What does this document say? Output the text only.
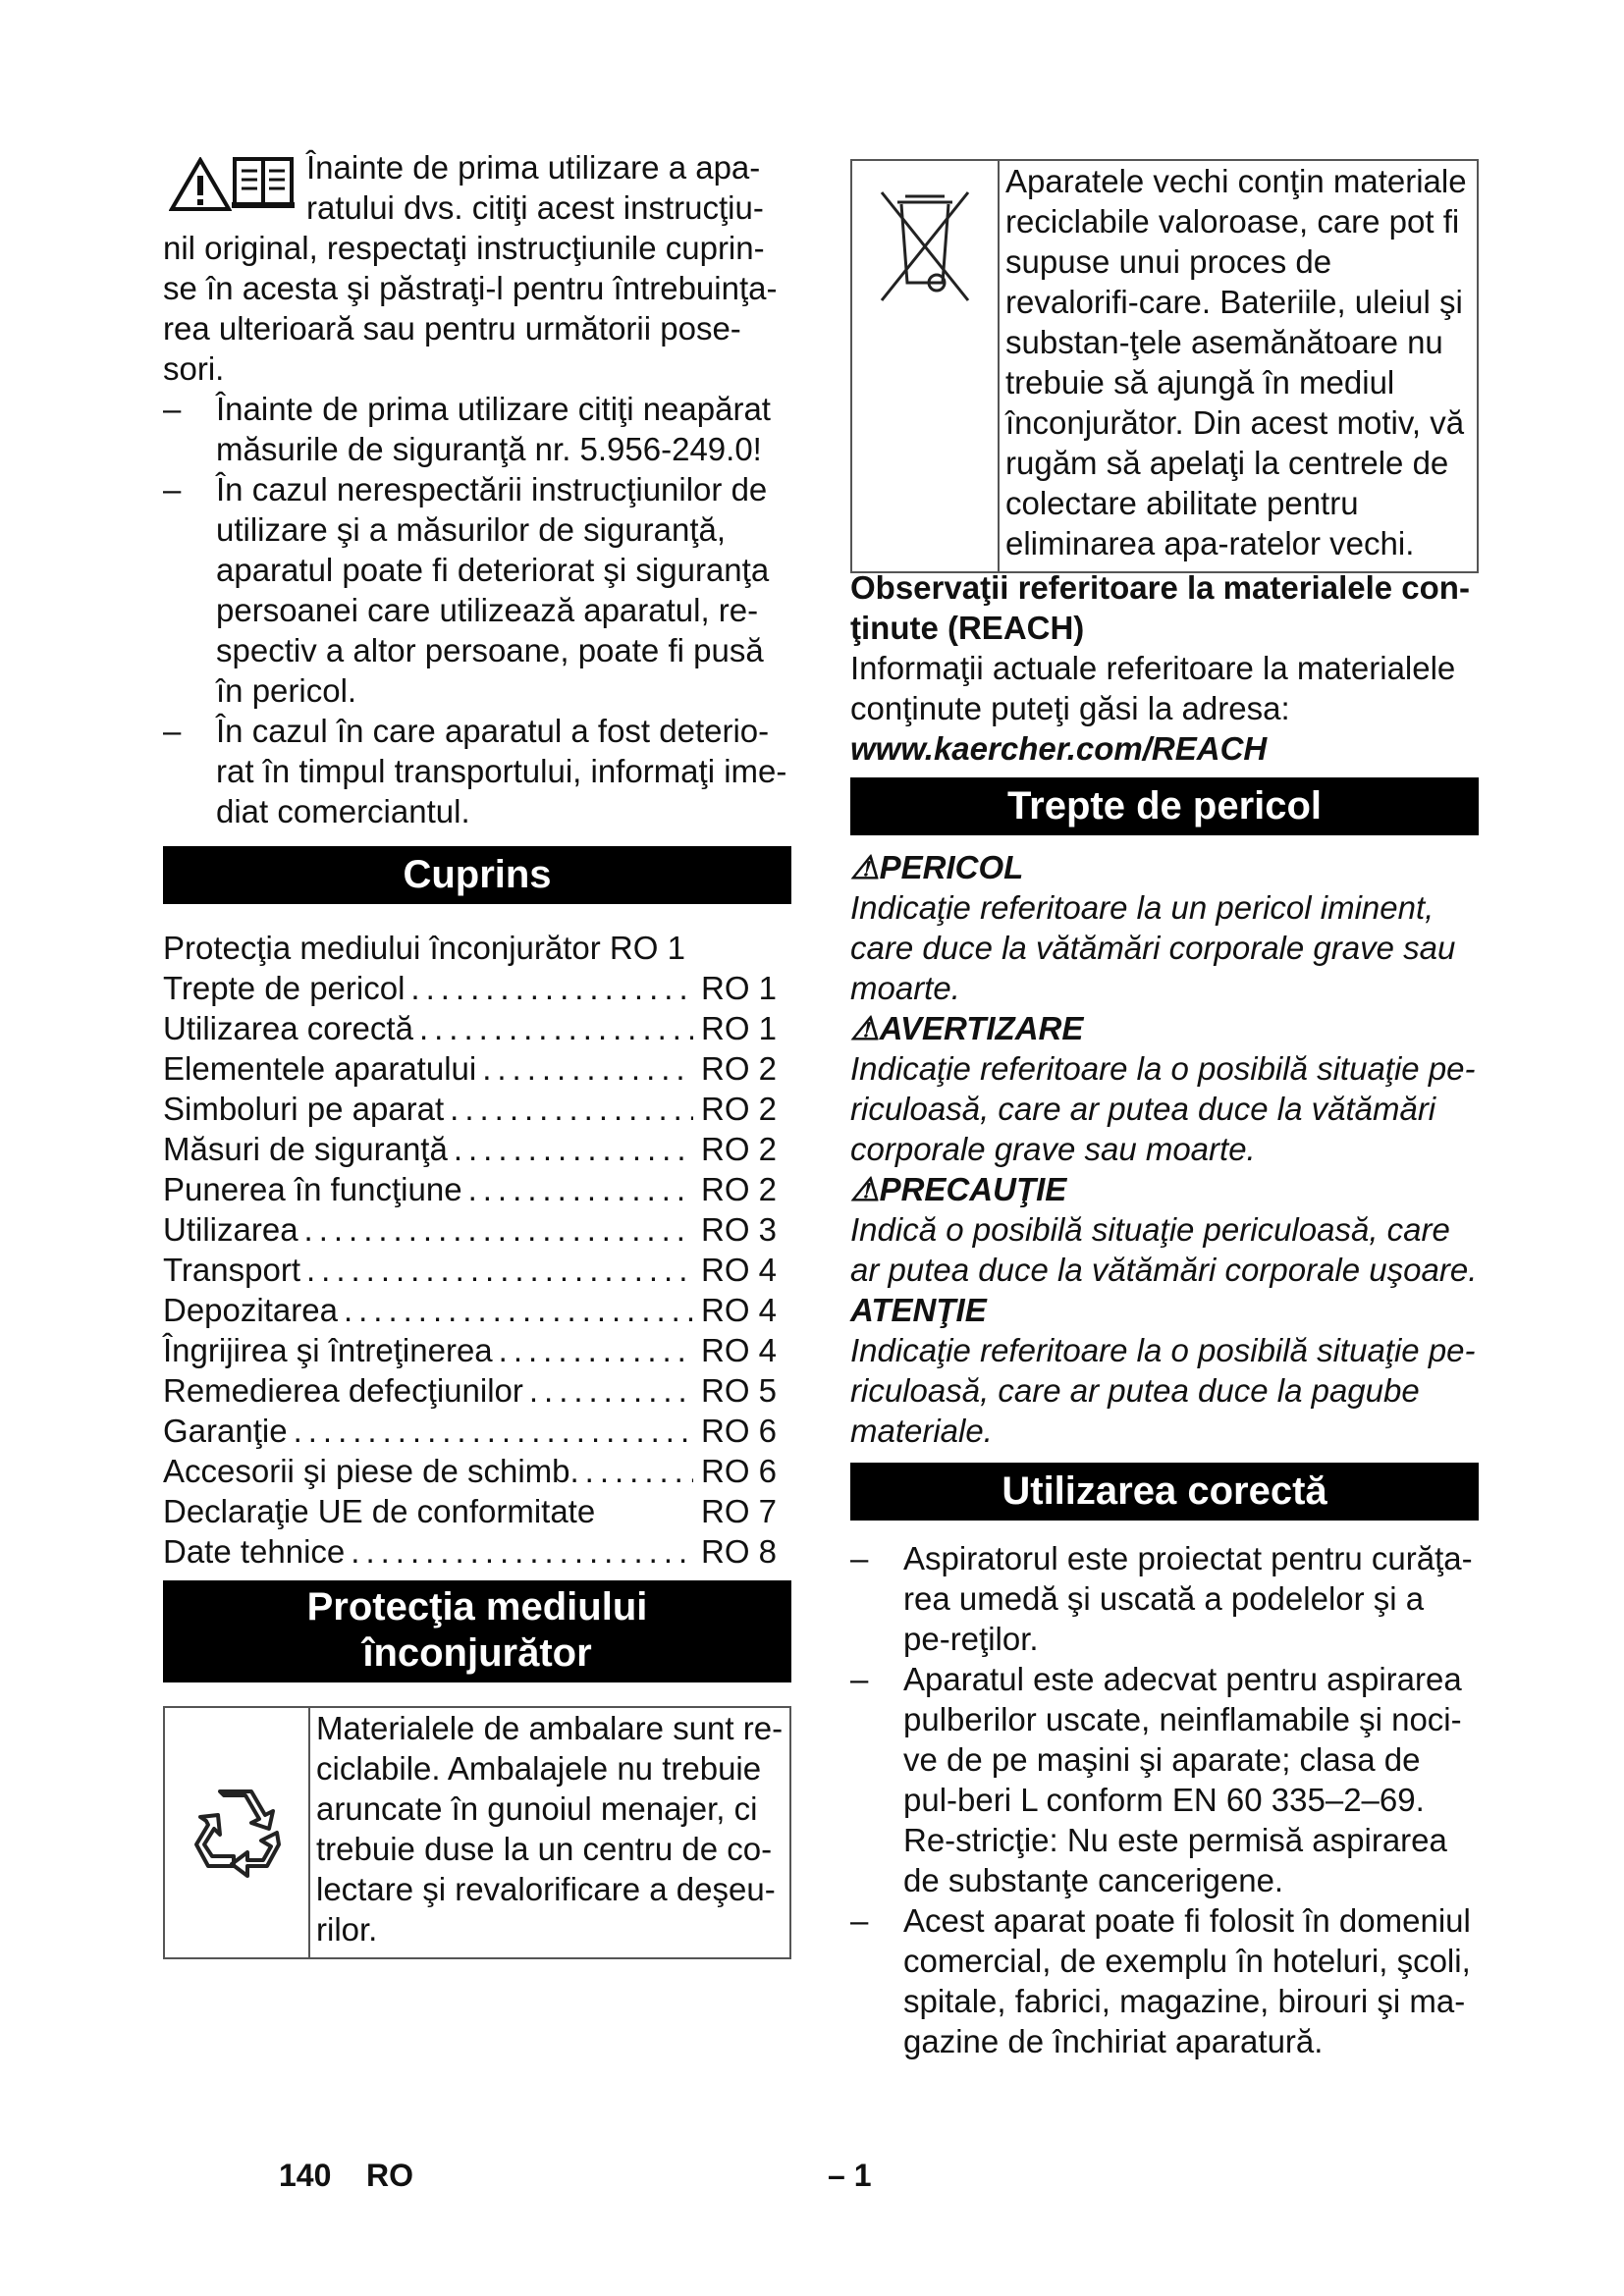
Înainte de prima utilizare a apa-

ratului dvs. citiţi acest instrucţiu-

nil original, respectaţi instrucţiunile cuprin-se în acesta şi păstraţi-l pentru întrebuinţa-rea ulterioară sau pentru următorii pose-sori.

– Înainte de prima utilizare citiţi neapărat măsurile de siguranţă nr. 5.956-249.0!
– În cazul nerespectării instrucţiunilor de utilizare şi a măsurilor de siguranţă, aparatul poate fi deteriorat şi siguranţa persoanei care utilizează aparatul, re-spectiv a altor persoane, poate fi pusă în pericol.
– În cazul în care aparatul a fost deterio-rat în timpul transportului, informaţi ime-diat comerciantul.
Cuprins
Protecţia mediului înconjurător RO 1
Trepte de pericol .....	RO 1
Utilizarea corectă .....	RO 1
Elementele aparatului .....	RO 2
Simboluri pe aparat .....	RO 2
Măsuri de siguranţă .....	RO 2
Punerea în funcţiune .....	RO 2
Utilizarea .....	RO 3
Transport .....	RO 4
Depozitarea .....	RO 4
Îngrijirea şi întreţinerea .....	RO 4
Remedierea defecţiunilor .....	RO 5
Garanţie .....	RO 6
Accesorii şi piese de schimb. .....	RO 6
Declaraţie UE de conformitate	RO 7
Date tehnice .....	RO 8
Protecţia mediului
înconjurător

Materialele de ambalare sunt re-ciclabile. Ambalajele nu trebuie aruncate în gunoiul menajer, ci trebuie duse la un centru de co-lectare şi revalorificare a deşeu-rilor.

140 RO

Aparatele vechi conţin materiale reciclabile valoroase, care pot fi supuse unui proces de revalorifi-care. Bateriile, uleiul şi substan-ţele asemănătoare nu trebuie să ajungă în mediul înconjurător. Din acest motiv, vă rugăm să apelaţi la centrele de colectare abilitate pentru eliminarea apa-ratelor vechi.

Observaţii referitoare la materialele con-ţinute (REACH)

Informaţii actuale referitoare la materialele conţinute puteţi găsi la adresa:

www.kaercher.com/REACH

Trepte de pericol

⚠PERICOL

Indicaţie referitoare la un pericol iminent, care duce la vătămări corporale grave sau moarte.

⚠AVERTIZARE

Indicaţie referitoare la o posibilă situaţie pe-riculoasă, care ar putea duce la vătămări corporale grave sau moarte.

⚠PRECAUŢIE

Indică o posibilă situaţie periculoasă, care ar putea duce la vătămări corporale uşoare.

ATENŢIE

Indicaţie referitoare la o posibilă situaţie pe-riculoasă, care ar putea duce la pagube materiale.

Utilizarea corectă
– Aspiratorul este proiectat pentru curăţa-rea umedă şi uscată a podelelor şi a pe-reţilor.
– Aparatul este adecvat pentru aspirarea pulberilor uscate, neinflamabile şi noci-ve de pe maşini şi aparate; clasa de pul-beri L conform EN 60 335–2–69. Re-stricţie: Nu este permisă aspirarea de substanţe cancerigene.
– Acest aparat poate fi folosit în domeniul comercial, de exemplu în hoteluri, şcoli, spitale, fabrici, magazine, birouri şi ma-gazine de închiriat aparatură.
– 1
